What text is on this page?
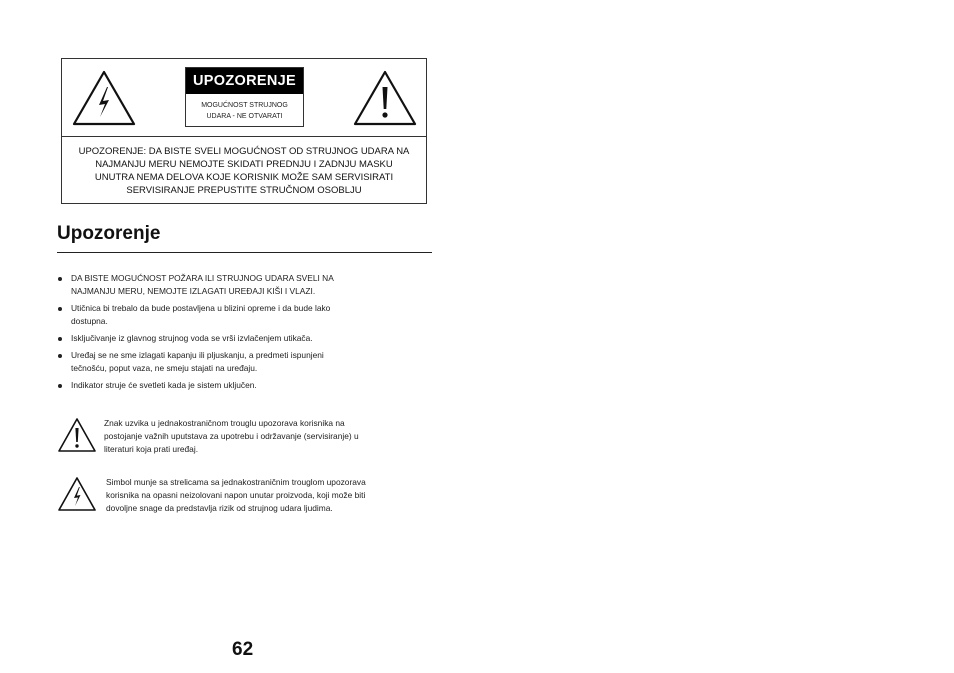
UPOZORENJE
MOGUĆNOST STRUJNOG
UDARA - NE OTVARATI
UPOZORENJE: DA BISTE SVELI MOGUĆNOST OD STRUJNOG UDARA NA
NAJMANJU MERU NEMOJTE SKIDATI PREDNJU I ZADNJU MASKU
UNUTRA NEMA DELOVA KOJE KORISNIK MOŽE SAM SERVISIRATI
SERVISIRANJE PREPUSTITE STRUČNOM OSOBLJU
Upozorenje
DA BISTE MOGUĆNOST POŽARA ILI STRUJNOG UDARA SVELI NA
NAJMANJU MERU, NEMOJTE IZLAGATI UREĐAJI KIŠI I VLAZI.
Utičnica bi trebalo da bude postavljena u blizini opreme i da bude lako
dostupna.
Isključivanje iz glavnog strujnog voda se vrši izvlačenjem utikača.
Uređaj se ne sme izlagati kapanju ili pljuskanju, a predmeti ispunjeni
tečnošću, poput vaza, ne smeju stajati na uređaju.
Indikator struje će svetleti kada je sistem uključen.
Znak uzvika u jednakostraničnom trouglu upozorava korisnika na
postojanje važnih uputstava za upotrebu i održavanje (servisiranje) u
literaturi koja prati uređaj.
Simbol munje sa strelicama sa jednakostraničnim trouglom upozorava
korisnika na opasni neizolovani napon unutar proizvoda, koji može biti
dovoljne snage da predstavlja rizik od strujnog udara ljudima.
62
